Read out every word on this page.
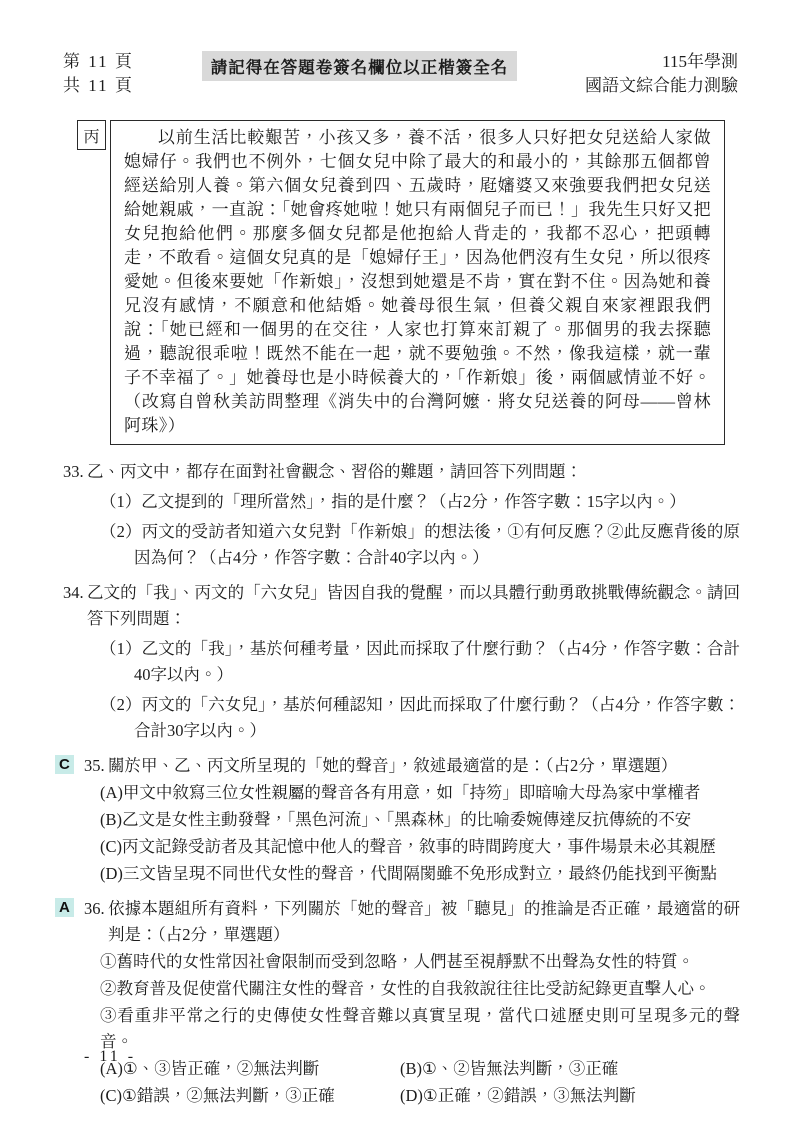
第 11 頁
共 11 頁
請記得在答題卷簽名欄位以正楷簽全名	115年學測
國語文綜合能力測驗
丙	以前生活比較艱苦，小孩又多，養不活，很多人只好把女兒送給人家做媳婦仔。我們也不例外，七個女兒中除了最大的和最小的，其餘那五個都曾經送給別人養。第六個女兒養到四、五歲時，屘嬸婆又來強要我們把女兒送給她親戚，一直說：「她會疼她啦！她只有兩個兒子而已！」我先生只好又把女兒抱給他們。那麼多個女兒都是他抱給人背走的，我都不忍心，把頭轉走，不敢看。這個女兒真的是「媳婦仔王」，因為他們沒有生女兒，所以很疼愛她。但後來要她「作新娘」，沒想到她還是不肯，實在對不住。因為她和養兄沒有感情，不願意和他結婚。她養母很生氣，但養父親自來家裡跟我們說：「她已經和一個男的在交往，人家也打算來訂親了。那個男的我去探聽過，聽說很乖啦！既然不能在一起，就不要勉強。不然，像我這樣，就一輩子不幸福了。」她養母也是小時候養大的，「作新娘」後，兩個感情並不好。（改寫自曾秋美訪問整理《消失中的台灣阿嬤．將女兒送養的阿母——曾林阿珠》）

33. 乙、丙文中，都存在面對社會觀念、習俗的難題，請回答下列問題：

（1）乙文提到的「理所當然」，指的是什麼？（占2分，作答字數：15字以內。）

（2）丙文的受訪者知道六女兒對「作新娘」的想法後，①有何反應？②此反應背後的原因為何？（占4分，作答字數：合計40字以內。）

34. 乙文的「我」、丙文的「六女兒」皆因自我的覺醒，而以具體行動勇敢挑戰傳統觀念。請回答下列問題：

（1）乙文的「我」，基於何種考量，因此而採取了什麼行動？（占4分，作答字數：合計40字以內。）

（2）丙文的「六女兒」，基於何種認知，因此而採取了什麼行動？（占4分，作答字數：合計30字以內。）

C 35. 關於甲、乙、丙文所呈現的「她的聲音」，敘述最適當的是：（占2分，單選題）

(A)甲文中敘寫三位女性親屬的聲音各有用意，如「持笏」即暗喻大母為家中掌權者

(B)乙文是女性主動發聲，「黑色河流」、「黑森林」的比喻委婉傳達反抗傳統的不安

(C)丙文記錄受訪者及其記憶中他人的聲音，敘事的時間跨度大，事件場景未必其親歷

(D)三文皆呈現不同世代女性的聲音，代間隔閡雖不免形成對立，最終仍能找到平衡點

A 36. 依據本題組所有資料，下列關於「她的聲音」被「聽見」的推論是否正確，最適當的研判是：（占2分，單選題）

①舊時代的女性常因社會限制而受到忽略，人們甚至視靜默不出聲為女性的特質。

②教育普及促使當代關注女性的聲音，女性的自我敘說往往比受訪紀錄更直擊人心。

③看重非平常之行的史傳使女性聲音難以真實呈現，當代口述歷史則可呈現多元的聲音。

(A)①、③皆正確，②無法判斷	(B)①、②皆無法判斷，③正確
(C)①錯誤，②無法判斷，③正確	(D)①正確，②錯誤，③無法判斷
- 11 -
